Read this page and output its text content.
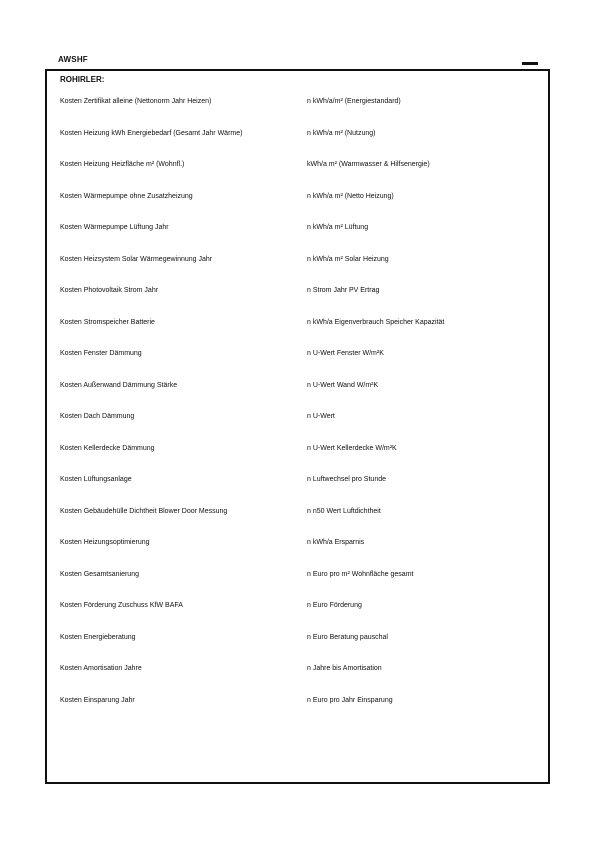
AWSHF
ROHIRLER:
Kosten Zertifikat alleine (Nettonorm Jahr Heizen)	n kWh/a/m² (Energiestandard)
Kosten Heizung kWh Energiebedarf (Gesamt Jahr Wärme)	n kWh/a m² (Nutzung)
Kosten Heizung Heizfläche m² (Wohnfl.)	kWh/a m² (Warmwasser & Hilfsenergie)
Kosten Wärmepumpe ohne Zusatzheizung	n kWh/a m² (Netto Heizung)
Kosten Wärmepumpe Lüftung Jahr	n kWh/a m² Lüftung
Kosten Heizsystem Solar Wärmegewinnung Jahr	n kWh/a m² Solar Heizung
Kosten Photovoltaik Strom Jahr	n Strom Jahr PV Ertrag
Kosten Stromspeicher Batterie	n kWh/a Eigenverbrauch Speicher Kapazität
Kosten Fenster Dämmung	n U-Wert Fenster W/m²K
Kosten Außenwand Dämmung Stärke	n U-Wert Wand W/m²K
Kosten Dach Dämmung	n U-Wert
Kosten Kellerdecke Dämmung	n U-Wert Kellerdecke W/m²K
Kosten Lüftungsanlage	n Luftwechsel pro Stunde
Kosten Gebäudehülle Dichtheit Blower Door Messung	n n50 Wert Luftdichtheit
Kosten Heizungsoptimierung	n kWh/a Ersparnis
Kosten Gesamtsanierung	n Euro pro m² Wohnfläche gesamt
Kosten Förderung Zuschuss KfW BAFA	n Euro Förderung
Kosten Energieberatung	n Euro Beratung pauschal
Kosten Amortisation Jahre	n Jahre bis Amortisation
Kosten Einsparung Jahr	n Euro pro Jahr Einsparung
